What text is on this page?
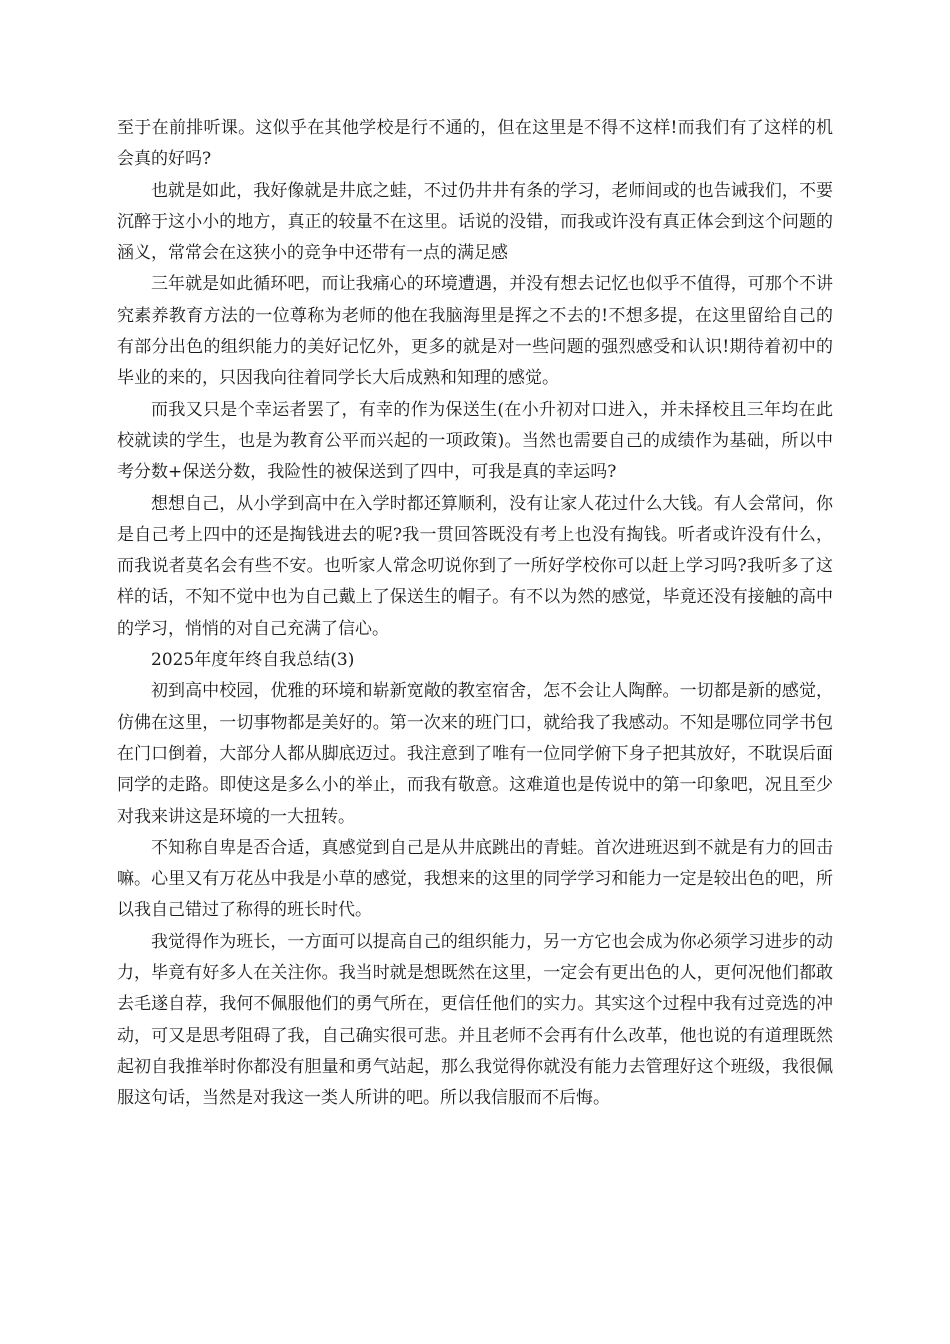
至于在前排听课。这似乎在其他学校是行不通的，但在这里是不得不这样!而我们有了这样的机会真的好吗?

也就是如此，我好像就是井底之蛙，不过仍井井有条的学习，老师间或的也告诫我们，不要沉醉于这小小的地方，真正的较量不在这里。话说的没错，而我或许没有真正体会到这个问题的涵义，常常会在这狭小的竞争中还带有一点的满足感

三年就是如此循环吧，而让我痛心的环境遭遇，并没有想去记忆也似乎不值得，可那个不讲究素养教育方法的一位尊称为老师的他在我脑海里是挥之不去的!不想多提，在这里留给自己的有部分出色的组织能力的美好记忆外，更多的就是对一些问题的强烈感受和认识!期待着初中的毕业的来的，只因我向往着同学长大后成熟和知理的感觉。

而我又只是个幸运者罢了，有幸的作为保送生(在小升初对口进入，并未择校且三年均在此校就读的学生，也是为教育公平而兴起的一项政策)。当然也需要自己的成绩作为基础，所以中考分数+保送分数，我险性的被保送到了四中，可我是真的幸运吗?

想想自己，从小学到高中在入学时都还算顺利，没有让家人花过什么大钱。有人会常问，你是自己考上四中的还是掏钱进去的呢?我一贯回答既没有考上也没有掏钱。听者或许没有什么，而我说者莫名会有些不安。也听家人常念叨说你到了一所好学校你可以赶上学习吗?我听多了这样的话，不知不觉中也为自己戴上了保送生的帽子。有不以为然的感觉，毕竟还没有接触的高中的学习，悄悄的对自己充满了信心。

2025年度年终自我总结(3)

初到高中校园，优雅的环境和崭新宽敞的教室宿舍，怎不会让人陶醉。一切都是新的感觉，仿佛在这里，一切事物都是美好的。第一次来的班门口，就给我了我感动。不知是哪位同学书包在门口倒着，大部分人都从脚底迈过。我注意到了唯有一位同学俯下身子把其放好，不耽误后面同学的走路。即使这是多么小的举止，而我有敬意。这难道也是传说中的第一印象吧，况且至少对我来讲这是环境的一大扭转。

不知称自卑是否合适，真感觉到自己是从井底跳出的青蛙。首次进班迟到不就是有力的回击嘛。心里又有万花丛中我是小草的感觉，我想来的这里的同学学习和能力一定是较出色的吧，所以我自己错过了称得的班长时代。

我觉得作为班长，一方面可以提高自己的组织能力，另一方它也会成为你必须学习进步的动力，毕竟有好多人在关注你。我当时就是想既然在这里，一定会有更出色的人，更何况他们都敢去毛遂自荐，我何不佩服他们的勇气所在，更信任他们的实力。其实这个过程中我有过竞选的冲动，可又是思考阻碍了我，自己确实很可悲。并且老师不会再有什么改革，他也说的有道理既然起初自我推举时你都没有胆量和勇气站起，那么我觉得你就没有能力去管理好这个班级，我很佩服这句话，当然是对我这一类人所讲的吧。所以我信服而不后悔。
